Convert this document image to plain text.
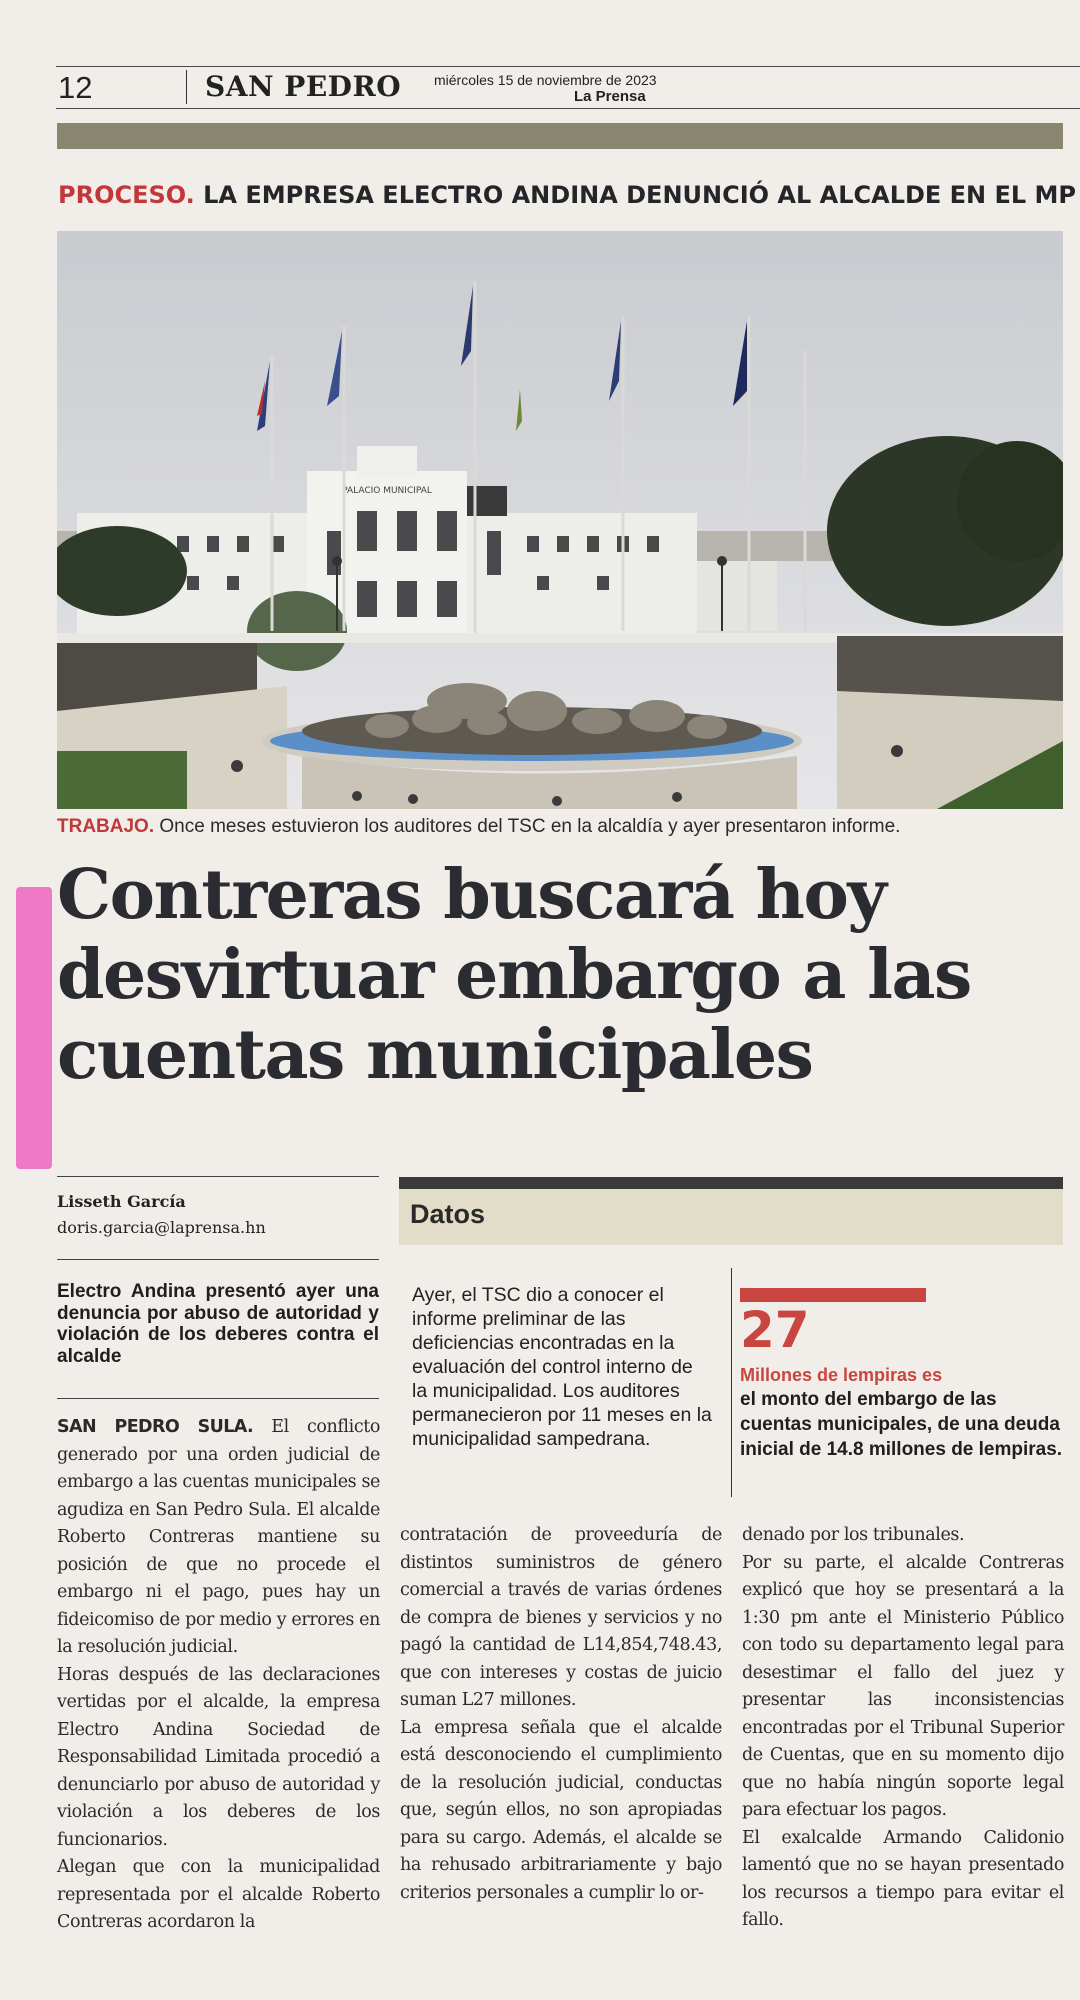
12	SAN PEDRO miércoles 15 de noviembre de 2023
La Prensa
PROCESO. LA EMPRESA ELECTRO ANDINA DENUNCIÓ AL ALCALDE EN EL MP
PALACIO MUNICIPAL
TRABAJO. Once meses estuvieron los auditores del TSC en la alcaldía y ayer presentaron informe.
Contreras buscará hoy
desvirtuar embargo a las
cuentas municipales
Lisseth García
doris.garcia@laprensa.hn	Datos
Electro Andina presentó ayer una denuncia por abuso de autoridad y violación de los deberes contra el alcalde
Ayer, el TSC dio a conocer el informe preliminar de las deficiencias encontradas en la evaluación del control interno de la municipalidad. Los auditores permanecieron por 11 meses en la municipalidad sampedrana.
27
Millones de lempiras es
el monto del embargo de las cuentas municipales, de una deuda inicial de 14.8 millones de lempiras.

SAN PEDRO SULA. El conflicto generado por una orden judicial de embargo a las cuentas municipales se agudiza en San Pedro Sula. El alcalde Roberto Contreras mantiene su posición de que no procede el embargo ni el pago, pues hay un fideicomiso de por medio y errores en la resolución judicial.

Horas después de las declaraciones vertidas por el alcalde, la empresa Electro Andina Sociedad de Responsabilidad Limitada procedió a denunciarlo por abuso de autoridad y violación a los deberes de los funcionarios.

Alegan que con la municipalidad representada por el alcalde Roberto Contreras acordaron la

contratación de proveeduría de distintos suministros de género comercial a través de varias órdenes de compra de bienes y servicios y no pagó la cantidad de L14,854,748.43, que con intereses y costas de juicio suman L27 millones.

La empresa señala que el alcalde está desconociendo el cumplimiento de la resolución judicial, conductas que, según ellos, no son apropiadas para su cargo. Además, el alcalde se ha rehusado arbitrariamente y bajo criterios personales a cumplir lo or-

denado por los tribunales.

Por su parte, el alcalde Contreras explicó que hoy se presentará a la 1:30 pm ante el Ministerio Público con todo su departamento legal para desestimar el fallo del juez y presentar las inconsistencias encontradas por el Tribunal Superior de Cuentas, que en su momento dijo que no había ningún soporte legal para efectuar los pagos.

El exalcalde Armando Calidonio lamentó que no se hayan presentado los recursos a tiempo para evitar el fallo.
